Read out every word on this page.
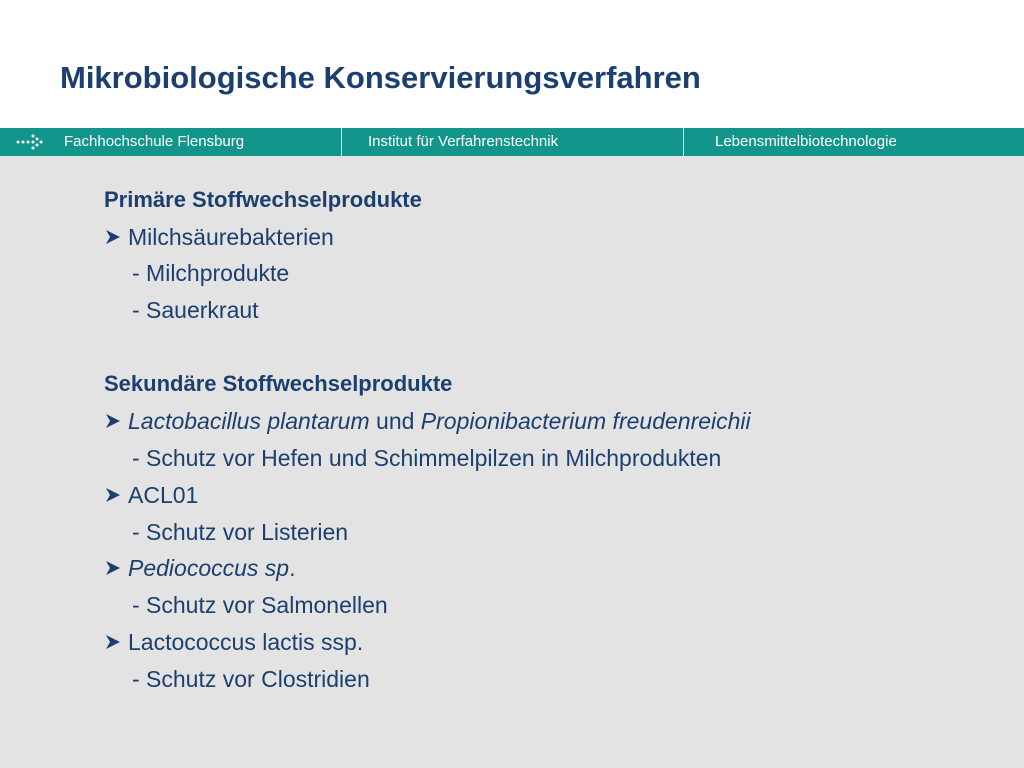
Mikrobiologische Konservierungsverfahren
Fachhochschule Flensburg	Institut für Verfahrenstechnik	Lebensmittelbiotechnologie
Primäre Stoffwechselprodukte
Milchsäurebakterien
- Milchprodukte
- Sauerkraut
Sekundäre Stoffwechselprodukte
Lactobacillus plantarum und Propionibacterium freudenreichii
- Schutz vor Hefen und Schimmelpilzen in Milchprodukten
ACL01
- Schutz vor Listerien
Pediococcus sp.
- Schutz vor Salmonellen
Lactococcus lactis ssp.
- Schutz vor Clostridien
